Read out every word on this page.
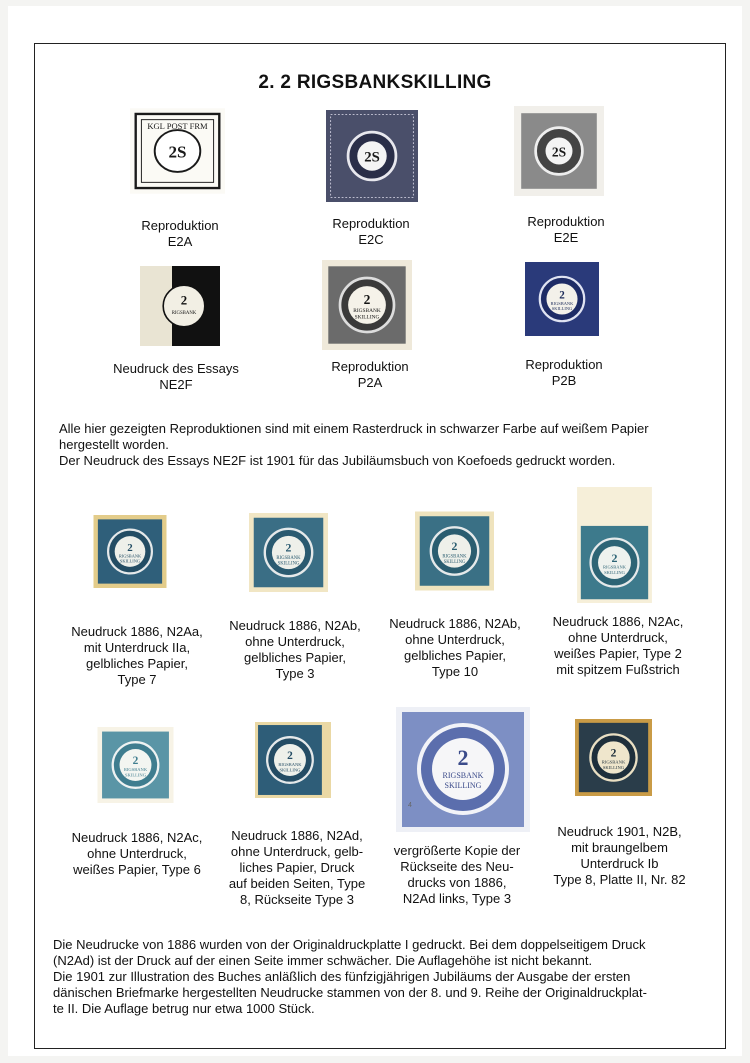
2. 2 RIGSBANKSKILLING
2S
KGL POST FRM
2S	2S
Reproduktion
E2A
Reproduktion
E2C
Reproduktion
E2E
2
RIGSBANK
2
RIGSBANK
SKILLING
2
RIGSBANK
SKILLING
Neudruck des Essays
NE2F
Reproduktion
P2A
Reproduktion
P2B

Alle hier gezeigten Reproduktionen sind mit einem Rasterdruck in schwarzer Farbe auf weißem Papier

hergestellt worden.

Der Neudruck des Essays NE2F ist 1901 für das Jubiläumsbuch von Koefoeds gedruckt worden.

2
RIGSBANK
SKILLING
2
RIGSBANK
SKILLING
2
RIGSBANK
SKILLING	2
RIGSBANK
SKILLING
Neudruck 1886, N2Aa,
mit Unterdruck IIa,
gelbliches Papier,
Type 7
Neudruck 1886, N2Ab,
ohne Unterdruck,
gelbliches Papier,
Type 3
Neudruck 1886, N2Ab,
ohne Unterdruck,
gelbliches Papier,
Type 10
Neudruck 1886, N2Ac,
ohne Unterdruck,
weißes Papier, Type 2
mit spitzem Fußstrich
2
RIGSBANK
SKILLING
2
RIGSBANK
SKILLING	2
RIGSBANK
SKILLING
4
2
RIGSBANK
SKILLING
Neudruck 1886, N2Ac,
ohne Unterdruck,
weißes Papier, Type 6
Neudruck 1886, N2Ad,
ohne Unterdruck, gelb-
liches Papier, Druck
auf beiden Seiten, Type
8, Rückseite Type 3
vergrößerte Kopie der
Rückseite des Neu-
drucks von 1886,
N2Ad links, Type 3
Neudruck 1901, N2B,
mit braungelbem
Unterdruck Ib
Type 8, Platte II, Nr. 82

Die Neudrucke von 1886 wurden von der Originaldruckplatte I gedruckt. Bei dem doppelseitigem Druck

(N2Ad) ist der Druck auf der einen Seite immer schwächer. Die Auflagehöhe ist nicht bekannt.

Die 1901 zur Illustration des Buches anläßlich des fünfzigjährigen Jubiläums der Ausgabe der ersten

dänischen Briefmarke hergestellten Neudrucke stammen von der 8. und 9. Reihe der Originaldruckplat-

te II. Die Auflage betrug nur etwa 1000 Stück.
